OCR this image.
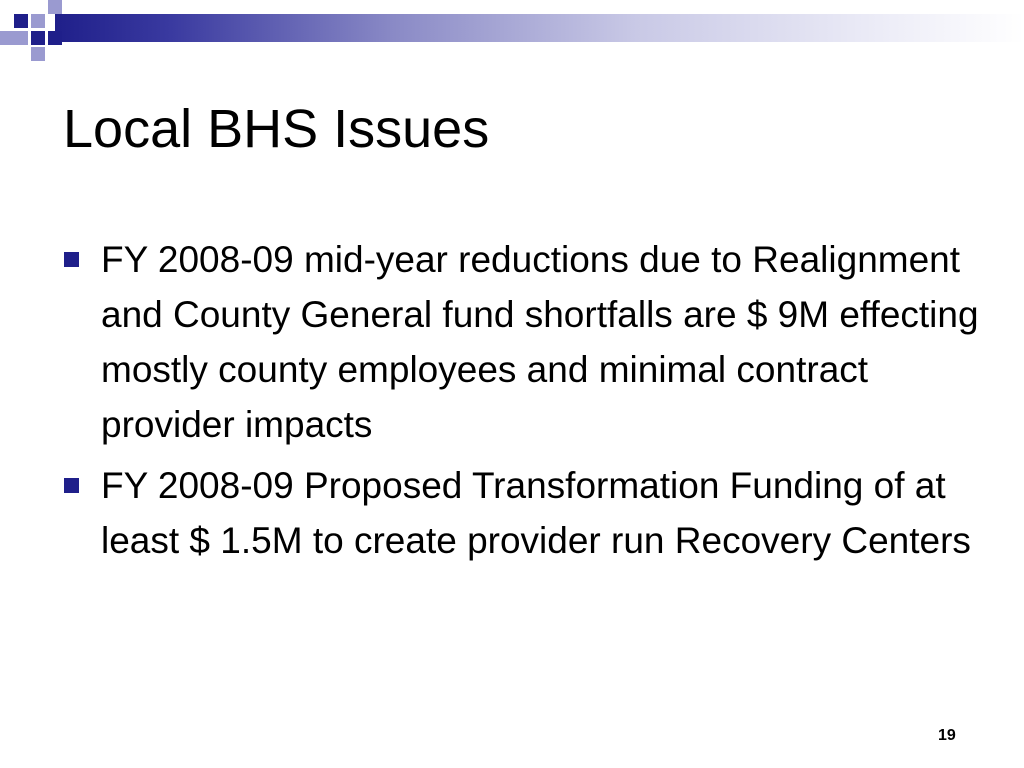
Local BHS Issues
FY 2008-09 mid-year reductions due to Realignment and County General fund shortfalls are $ 9M effecting mostly county employees and minimal contract provider impacts
FY 2008-09 Proposed Transformation Funding of at least $ 1.5M to create provider run Recovery Centers
19
